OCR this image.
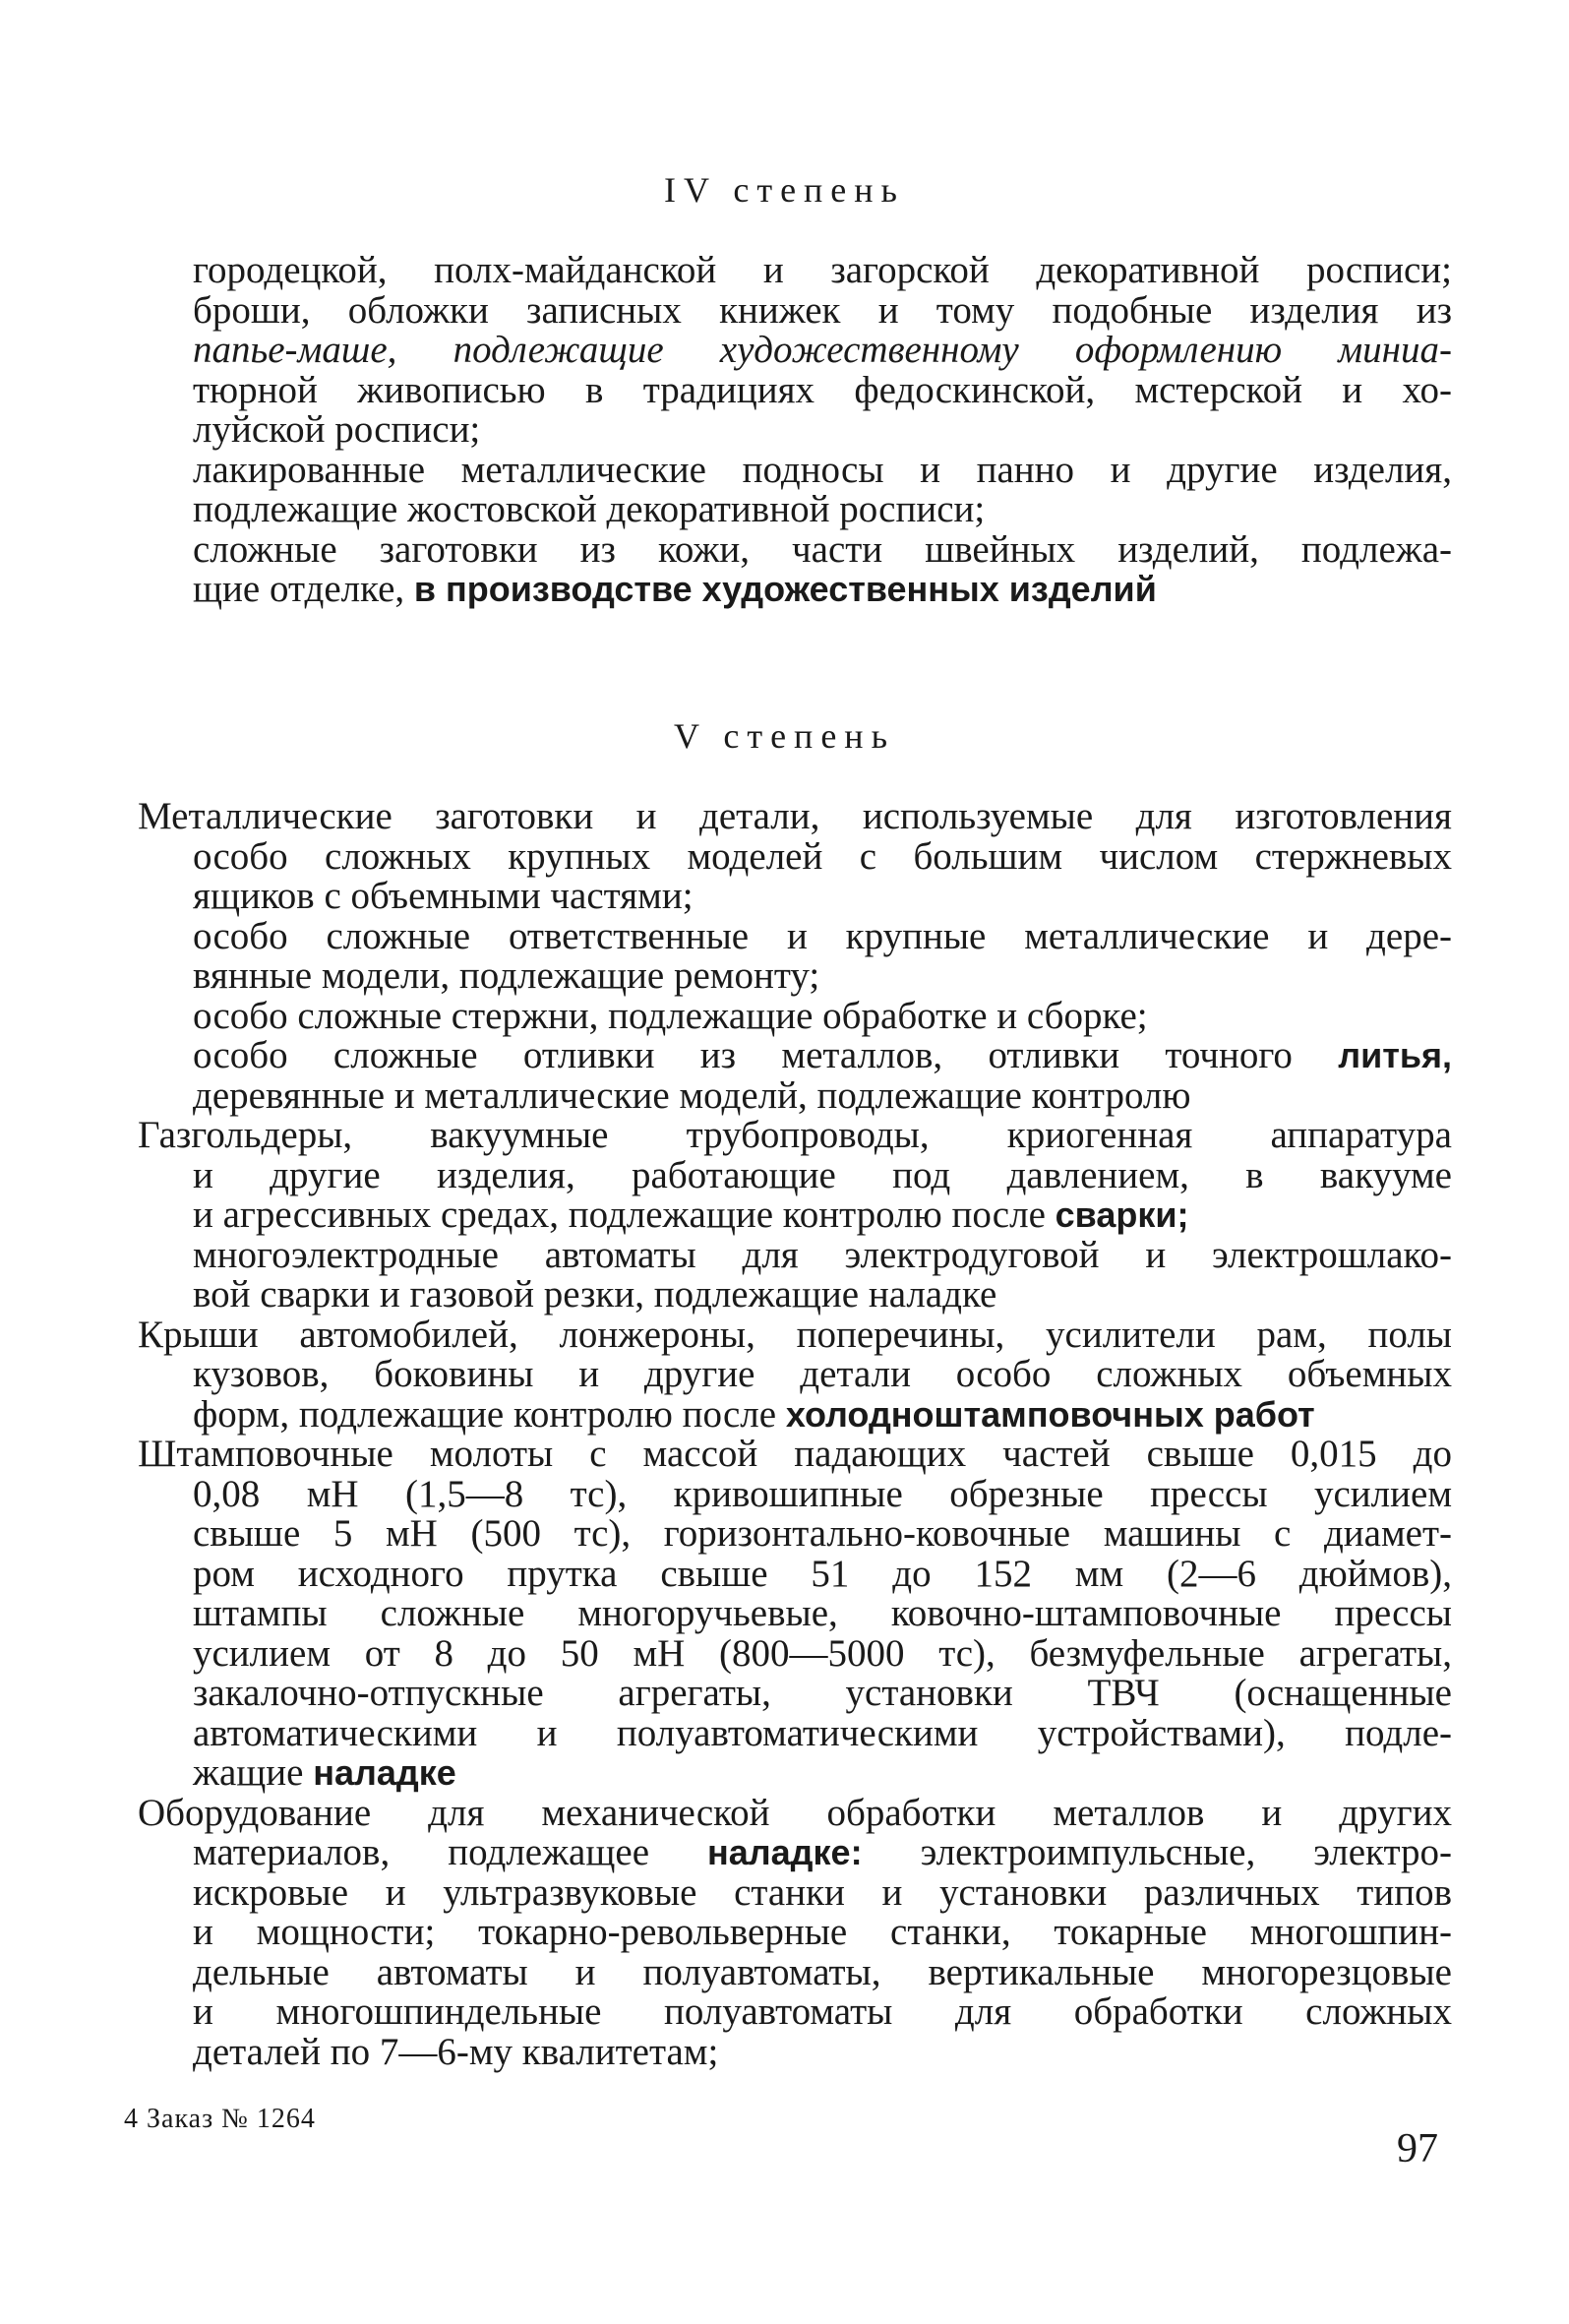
IV степень
городецкой, полх-майданской и загорской декоративной росписи;
броши, обложки записных книжек и тому подобные изделия из
папье-маше, подлежащие художественному оформлению миниа-
тюрной живописью в традициях федоскинской, мстерской и хо-
луйской росписи;
лакированные металлические подносы и панно и другие изделия,
подлежащие жостовской декоративной росписи;
сложные заготовки из кожи, части швейных изделий, подлежа-
щие отделке, в производстве художественных изделий
V степень
Металлические заготовки и детали, используемые для изготовления
особо сложных крупных моделей с большим числом стержневых
ящиков с объемными частями;
особо сложные ответственные и крупные металлические и дере-
вянные модели, подлежащие ремонту;
особо сложные стержни, подлежащие обработке и сборке;
особо сложные отливки из металлов, отливки точного литья,
деревянные и металлические моделй, подлежащие контролю
Газгольдеры, вакуумные трубопроводы, криогенная аппаратура
и другие изделия, работающие под давлением, в вакууме
и агрессивных средах, подлежащие контролю после сварки;
многоэлектродные автоматы для электродуговой и электрошлако-
вой сварки и газовой резки, подлежащие наладке
Крыши автомобилей, лонжероны, поперечины, усилители рам, полы
кузовов, боковины и другие детали особо сложных объемных
форм, подлежащие контролю после холодноштамповочных работ
Штамповочные молоты с массой падающих частей свыше 0,015 до
0,08 мН (1,5—8 тс), кривошипные обрезные прессы усилием
свыше 5 мН (500 тс), горизонтально-ковочные машины с диамет-
ром исходного прутка свыше 51 до 152 мм (2—6 дюймов),
штампы сложные многоручьевые, ковочно-штамповочные прессы
усилием от 8 до 50 мН (800—5000 тс), безмуфельные агрегаты,
закалочно-отпускные агрегаты, установки ТВЧ (оснащенные
автоматическими и полуавтоматическими устройствами), подле-
жащие наладке
Оборудование для механической обработки металлов и других
материалов, подлежащее наладке: электроимпульсные, электро-
искровые и ультразвуковые станки и установки различных типов
и мощности; токарно-револьверные станки, токарные многошпин-
дельные автоматы и полуавтоматы, вертикальные многорезцовые
и многошпиндельные полуавтоматы для обработки сложных
деталей по 7—6-му квалитетам;
4 Заказ № 1264
97
